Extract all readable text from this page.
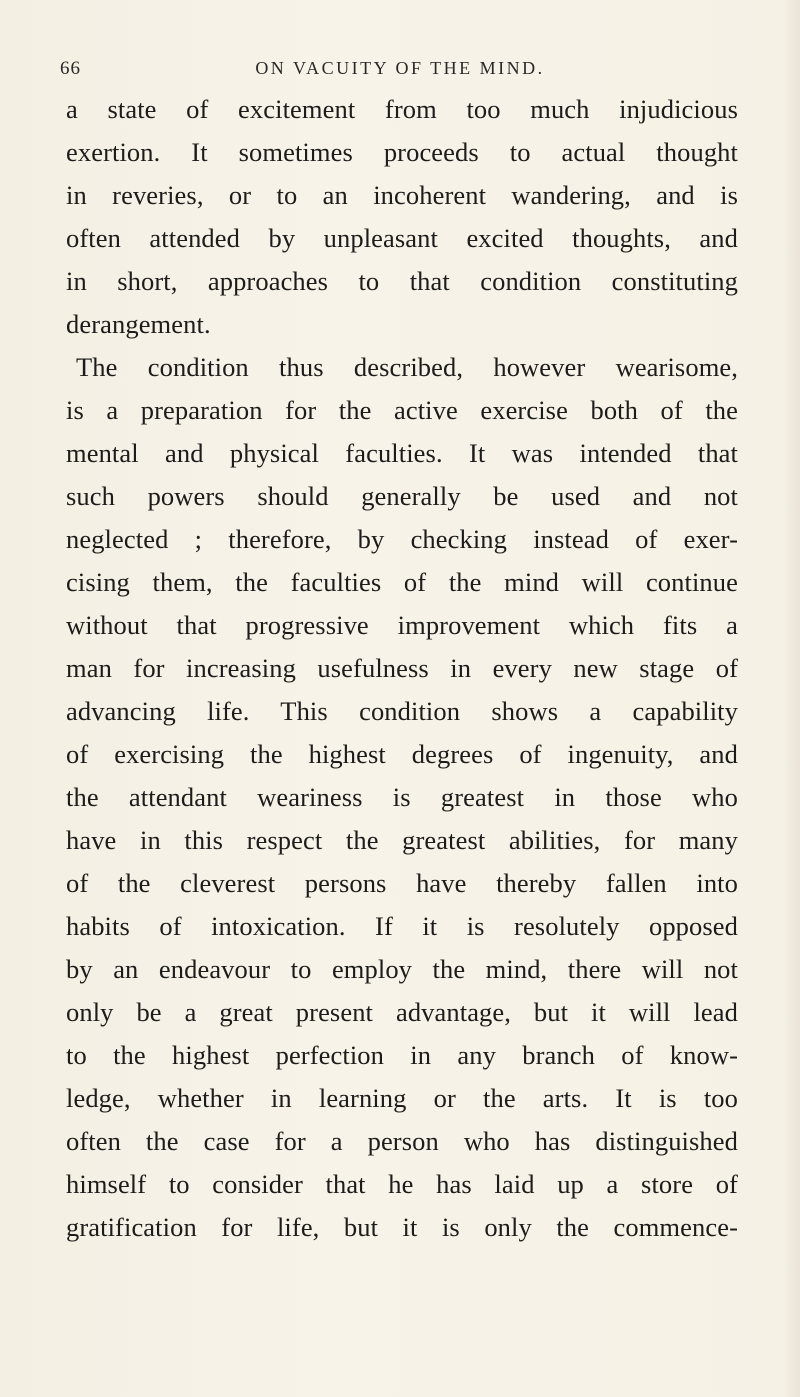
ON VACUITY OF THE MIND.
66
a state of excitement from too much injudicious
exertion. It sometimes proceeds to actual thought
in reveries, or to an incoherent wandering, and is
often attended by unpleasant excited thoughts, and
in short, approaches to that condition constituting
derangement.
The condition thus described, however wearisome,
is a preparation for the active exercise both of the
mental and physical faculties. It was intended that
such powers should generally be used and not
neglected ; therefore, by checking instead of exer-
cising them, the faculties of the mind will continue
without that progressive improvement which fits a
man for increasing usefulness in every new stage of
advancing life. This condition shows a capability
of exercising the highest degrees of ingenuity, and
the attendant weariness is greatest in those who
have in this respect the greatest abilities, for many
of the cleverest persons have thereby fallen into
habits of intoxication. If it is resolutely opposed
by an endeavour to employ the mind, there will not
only be a great present advantage, but it will lead
to the highest perfection in any branch of know-
ledge, whether in learning or the arts. It is too
often the case for a person who has distinguished
himself to consider that he has laid up a store of
gratification for life, but it is only the commence-
